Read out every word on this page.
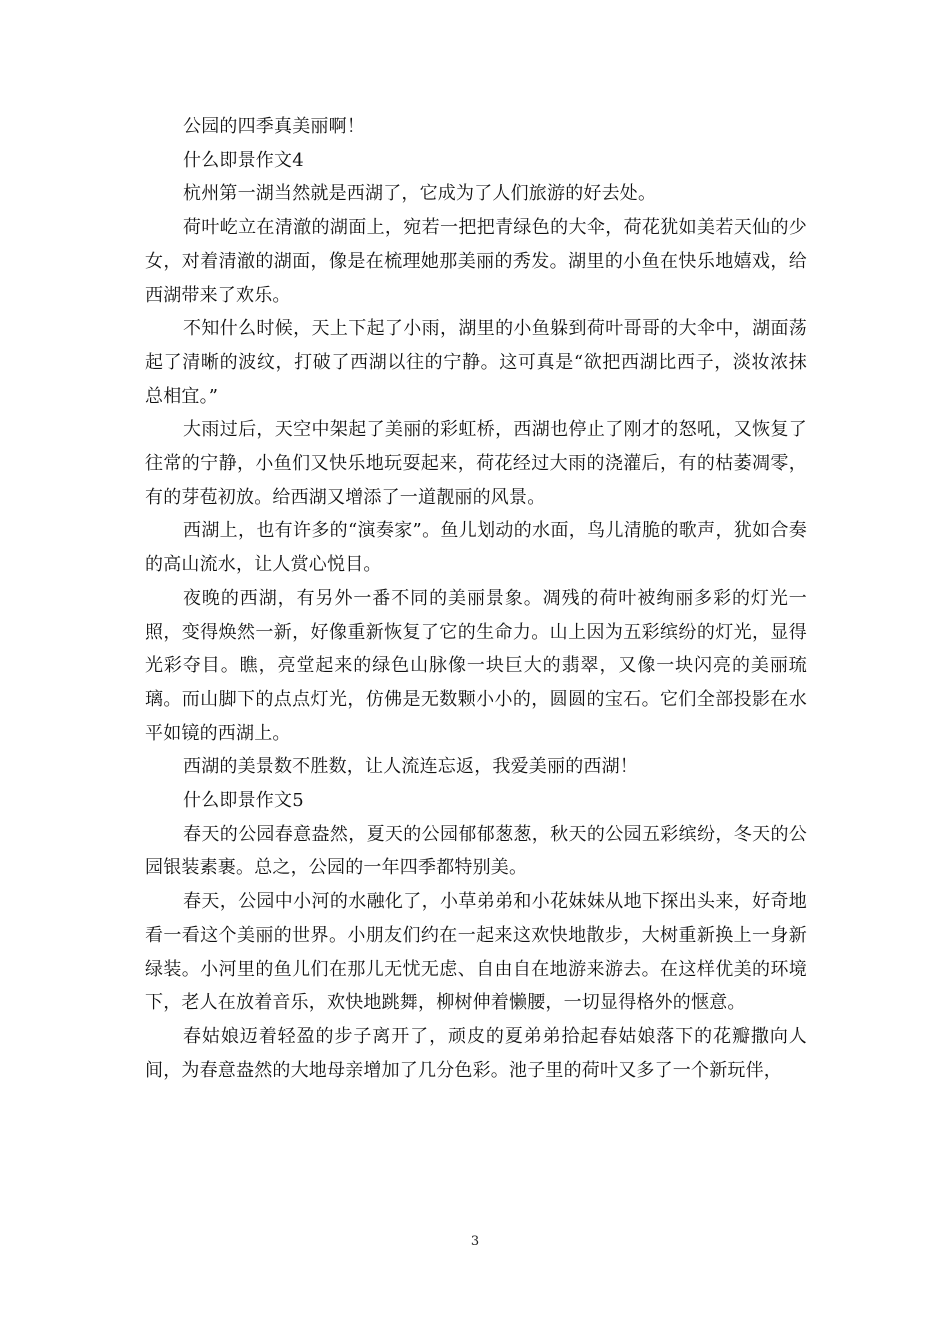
公园的四季真美丽啊！

什么即景作文4

杭州第一湖当然就是西湖了，它成为了人们旅游的好去处。

荷叶屹立在清澈的湖面上，宛若一把把青绿色的大伞，荷花犹如美若天仙的少女，对着清澈的湖面，像是在梳理她那美丽的秀发。湖里的小鱼在快乐地嬉戏，给西湖带来了欢乐。

不知什么时候，天上下起了小雨，湖里的小鱼躲到荷叶哥哥的大伞中，湖面荡起了清晰的波纹，打破了西湖以往的宁静。这可真是“欲把西湖比西子，淡妆浓抹总相宜。”

大雨过后，天空中架起了美丽的彩虹桥，西湖也停止了刚才的怒吼，又恢复了往常的宁静，小鱼们又快乐地玩耍起来，荷花经过大雨的浇灌后，有的枯萎凋零，有的芽苞初放。给西湖又增添了一道靓丽的风景。

西湖上，也有许多的“演奏家”。鱼儿划动的水面，鸟儿清脆的歌声，犹如合奏的高山流水，让人赏心悦目。

夜晚的西湖，有另外一番不同的美丽景象。凋残的荷叶被绚丽多彩的灯光一照，变得焕然一新，好像重新恢复了它的生命力。山上因为五彩缤纷的灯光，显得光彩夺目。瞧，亮堂起来的绿色山脉像一块巨大的翡翠，又像一块闪亮的美丽琉璃。而山脚下的点点灯光，仿佛是无数颗小小的，圆圆的宝石。它们全部投影在水平如镜的西湖上。

西湖的美景数不胜数，让人流连忘返，我爱美丽的西湖！

什么即景作文5

春天的公园春意盎然，夏天的公园郁郁葱葱，秋天的公园五彩缤纷，冬天的公园银装素裹。总之，公园的一年四季都特别美。

春天，公园中小河的水融化了，小草弟弟和小花妹妹从地下探出头来，好奇地看一看这个美丽的世界。小朋友们约在一起来这欢快地散步，大树重新换上一身新绿装。小河里的鱼儿们在那儿无忧无虑、自由自在地游来游去。在这样优美的环境下，老人在放着音乐，欢快地跳舞，柳树伸着懒腰，一切显得格外的惬意。

春姑娘迈着轻盈的步子离开了，顽皮的夏弟弟拾起春姑娘落下的花瓣撒向人间，为春意盎然的大地母亲增加了几分色彩。池子里的荷叶又多了一个新玩伴，

3
